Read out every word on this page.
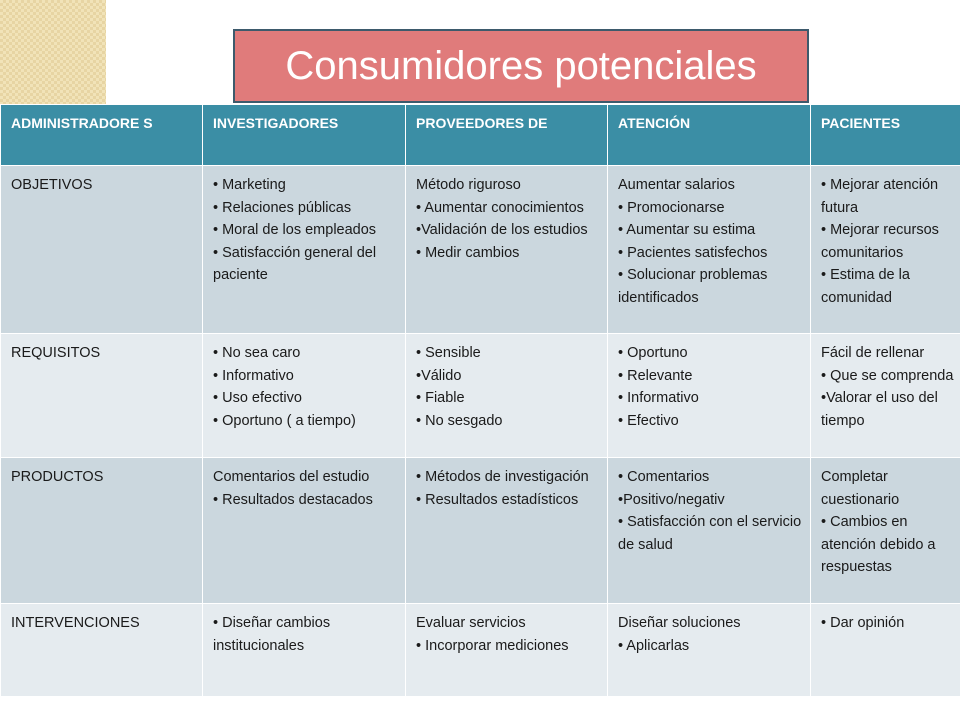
Consumidores potenciales
ADMINISTRADORE S	INVESTIGADORES	PROVEEDORES DE	ATENCIÓN	PACIENTES
OBJETIVOS	• Marketing
• Relaciones públicas
• Moral de los empleados
• Satisfacción general del
paciente	Método riguroso
• Aumentar conocimientos
•Validación de los estudios
• Medir cambios	Aumentar salarios
• Promocionarse
• Aumentar su estima
• Pacientes satisfechos
• Solucionar problemas identificados	• Mejorar atención futura
• Mejorar recursos comunitarios
• Estima de la comunidad

REQUISITOS	• No sea caro
• Informativo
• Uso efectivo
• Oportuno ( a tiempo)	• Sensible
•Válido
• Fiable
• No sesgado	• Oportuno
• Relevante
• Informativo
• Efectivo	Fácil de rellenar
• Que se comprenda
•Valorar el uso del tiempo

PRODUCTOS	Comentarios del estudio
• Resultados destacados	• Métodos de investigación
• Resultados estadísticos	• Comentarios
•Positivo/negativ
• Satisfacción con el servicio de salud	Completar cuestionario
• Cambios en atención debido a respuestas

INTERVENCIONES	• Diseñar cambios institucionales	Evaluar servicios
• Incorporar mediciones	Diseñar soluciones
• Aplicarlas	• Dar opinión
